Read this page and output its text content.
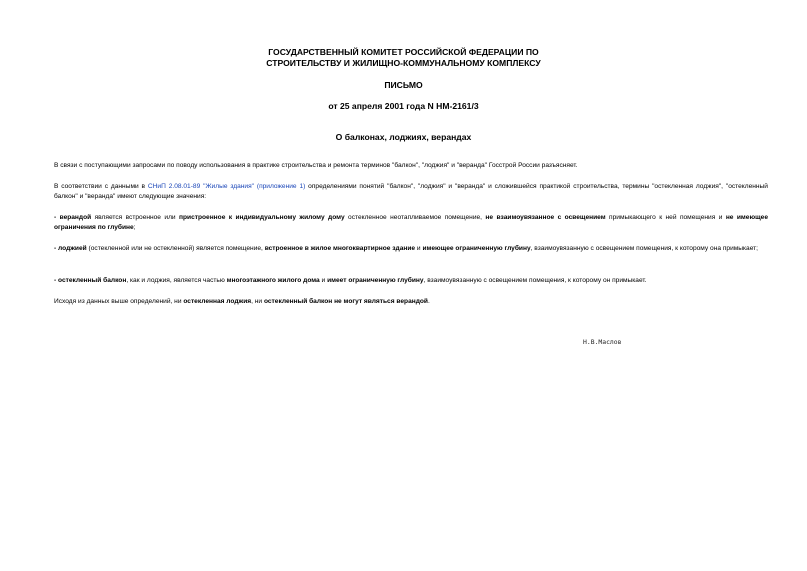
ГОСУДАРСТВЕННЫЙ КОМИТЕТ РОССИЙСКОЙ ФЕДЕРАЦИИ ПО
СТРОИТЕЛЬСТВУ И ЖИЛИЩНО-КОММУНАЛЬНОМУ КОМПЛЕКСУ
ПИСЬМО
от 25 апреля 2001 года N НМ-2161/3
О балконах, лоджиях, верандах

В связи с поступающими запросами по поводу использования в практике строительства и ремонта терминов "балкон", "лоджия" и "веранда" Госстрой России разъясняет.

В соответствии с данными в СНиП 2.08.01-89 "Жилые здания" (приложение 1) определениями понятий "балкон", "лоджия" и "веранда" и сложившейся практикой строительства, термины "остекленная лоджия", "остекленный балкон" и "веранда" имеют следующие значения:

- верандой является встроенное или пристроенное к индивидуальному жилому дому остекленное неотапливаемое помещение, не взаимоувязанное с освещением примыкающего к ней помещения и не имеющее ограничения по глубине;

- лоджией (остекленной или не остекленной) является помещение, встроенное в жилое многоквартирное здание и имеющее ограниченную глубину, взаимоувязанную с освещением помещения, к которому она примыкает;

- остекленный балкон, как и лоджия, является частью многоэтажного жилого дома и имеет ограниченную глубину, взаимоувязанную с освещением помещения, к которому он примыкает.

Исходя из данных выше определений, ни остекленная лоджия, ни остекленный балкон не могут являться верандой.

Н.В.Маслов
